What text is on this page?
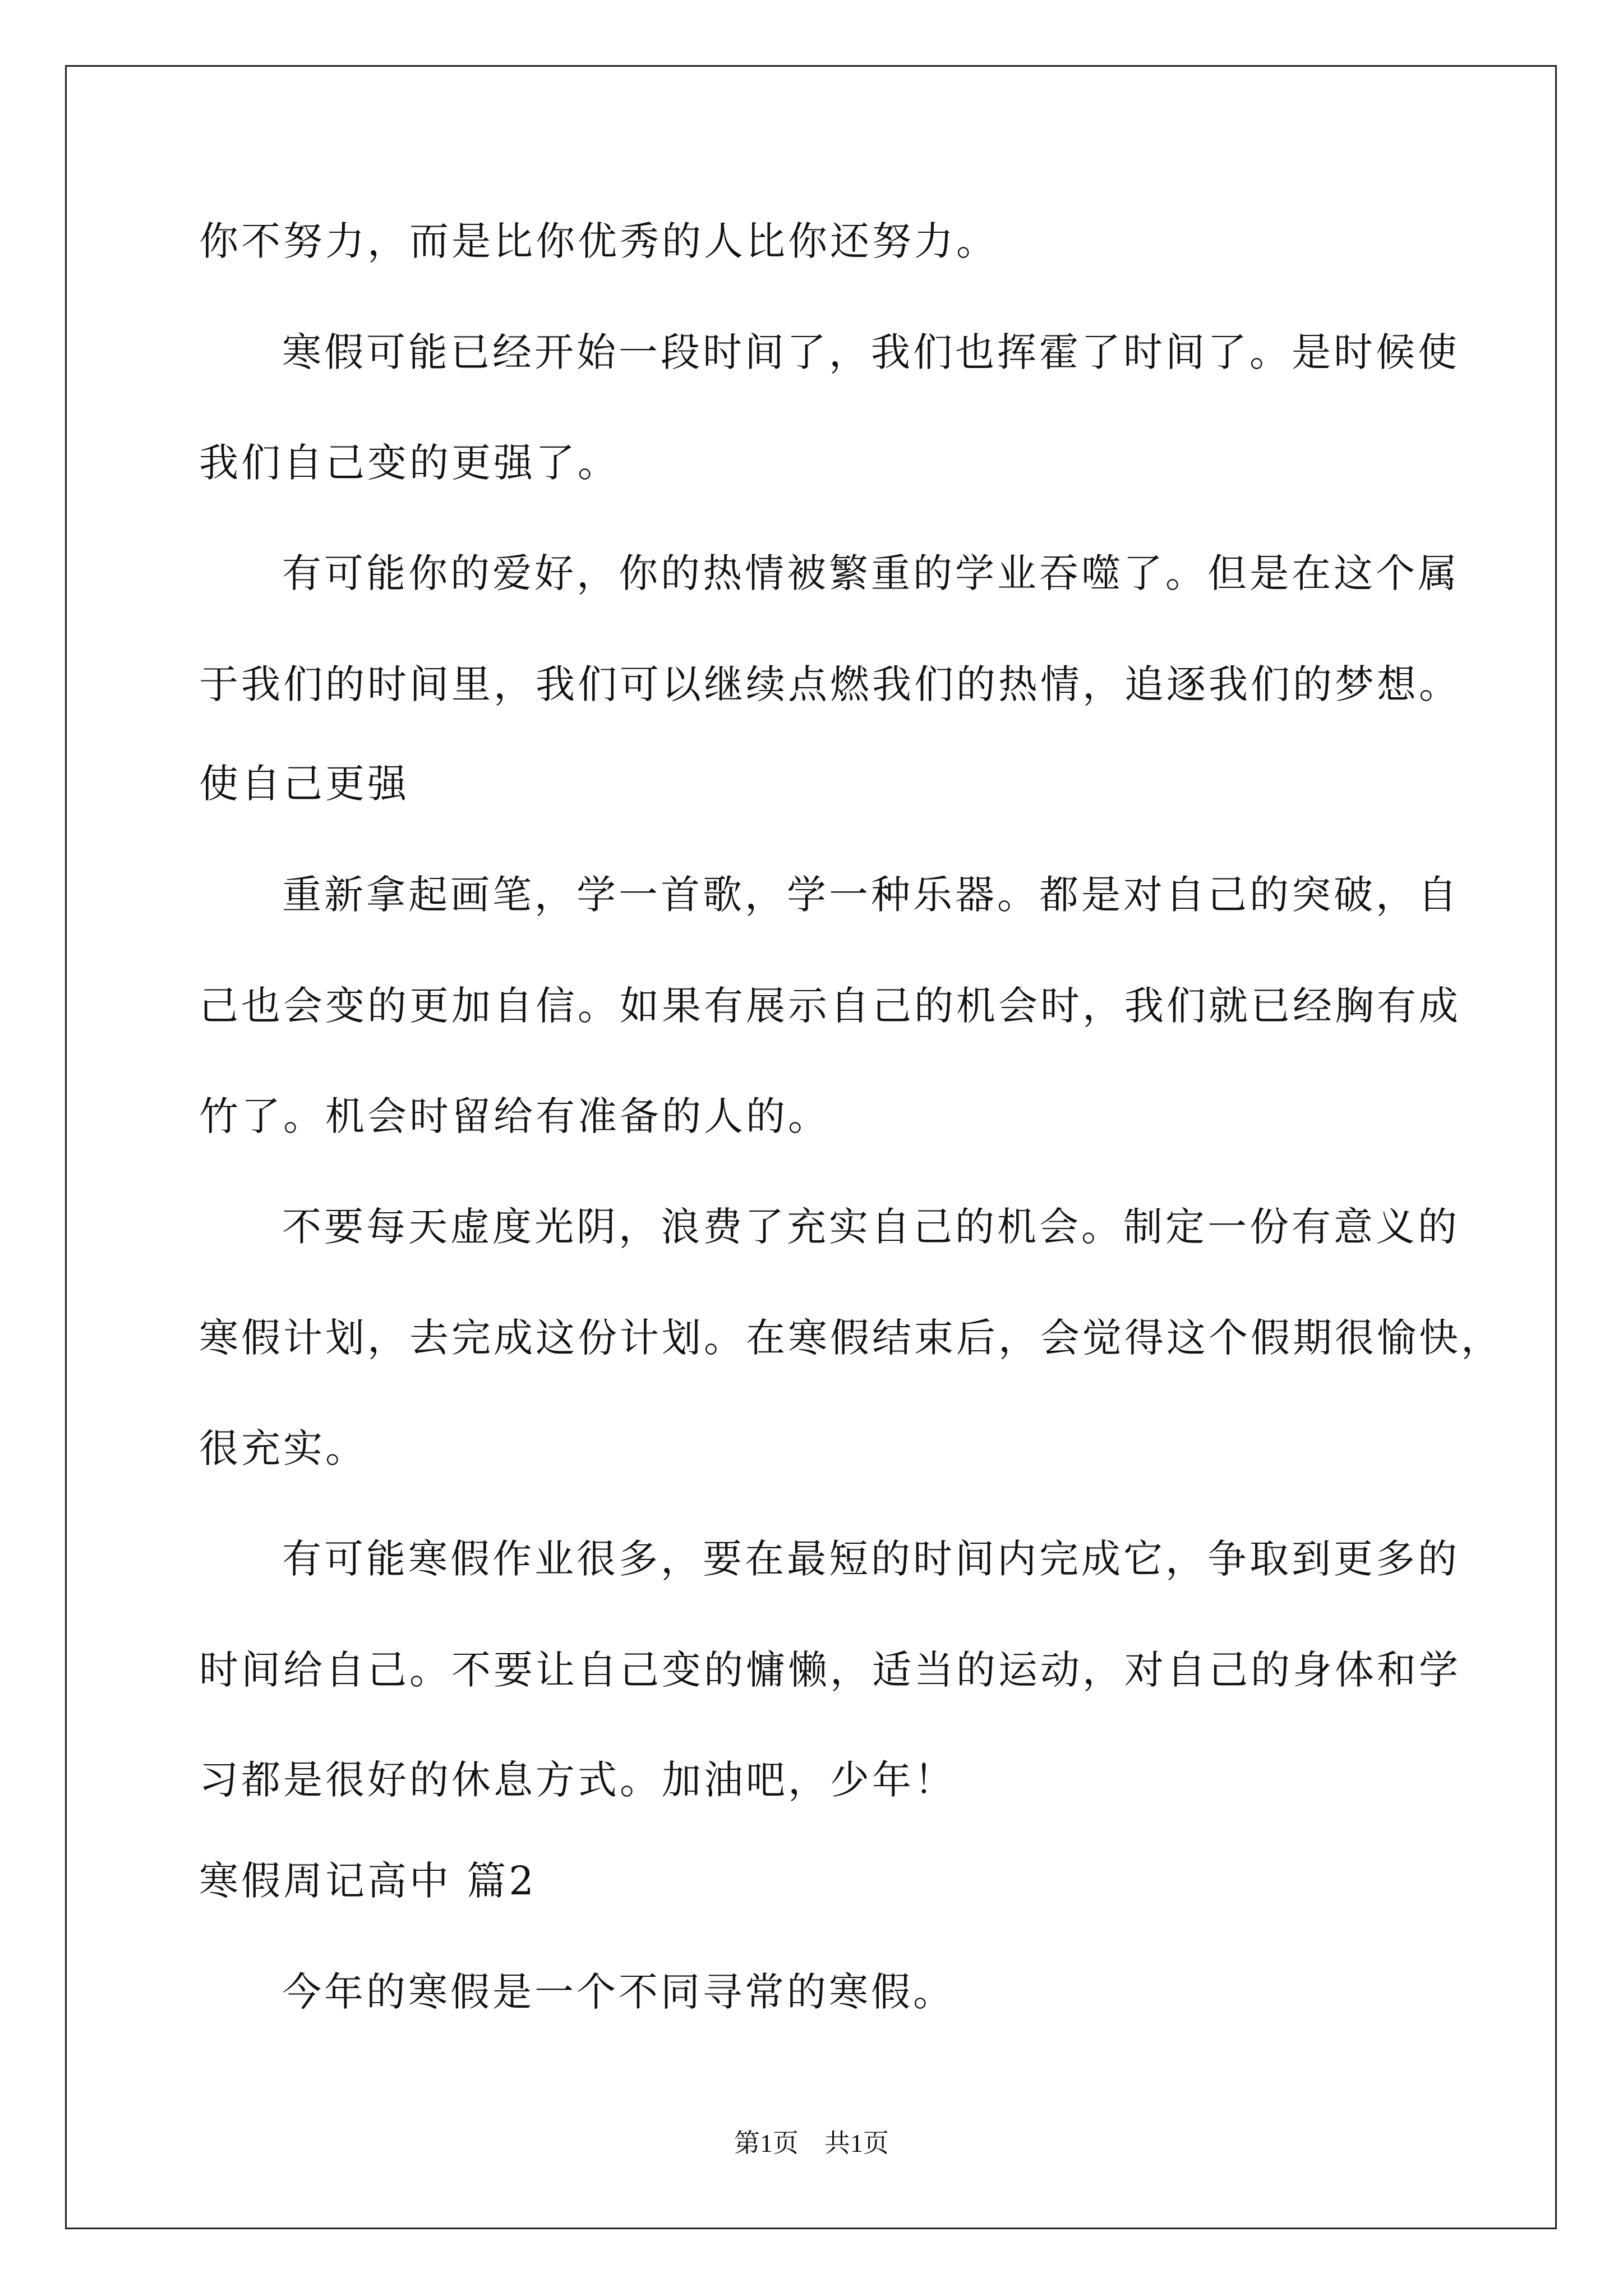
你不努力，而是比你优秀的人比你还努力。
寒假可能已经开始一段时间了，我们也挥霍了时间了。是时候使
我们自己变的更强了。
有可能你的爱好，你的热情被繁重的学业吞噬了。但是在这个属
于我们的时间里，我们可以继续点燃我们的热情，追逐我们的梦想。
使自己更强
重新拿起画笔，学一首歌，学一种乐器。都是对自己的突破，自
己也会变的更加自信。如果有展示自己的机会时，我们就已经胸有成
竹了。机会时留给有准备的人的。
不要每天虚度光阴，浪费了充实自己的机会。制定一份有意义的
寒假计划，去完成这份计划。在寒假结束后，会觉得这个假期很愉快，
很充实。
有可能寒假作业很多，要在最短的时间内完成它，争取到更多的
时间给自己。不要让自己变的慵懒，适当的运动，对自己的身体和学
习都是很好的休息方式。加油吧，少年！
寒假周记高中 篇2
今年的寒假是一个不同寻常的寒假。
第1页　共1页
